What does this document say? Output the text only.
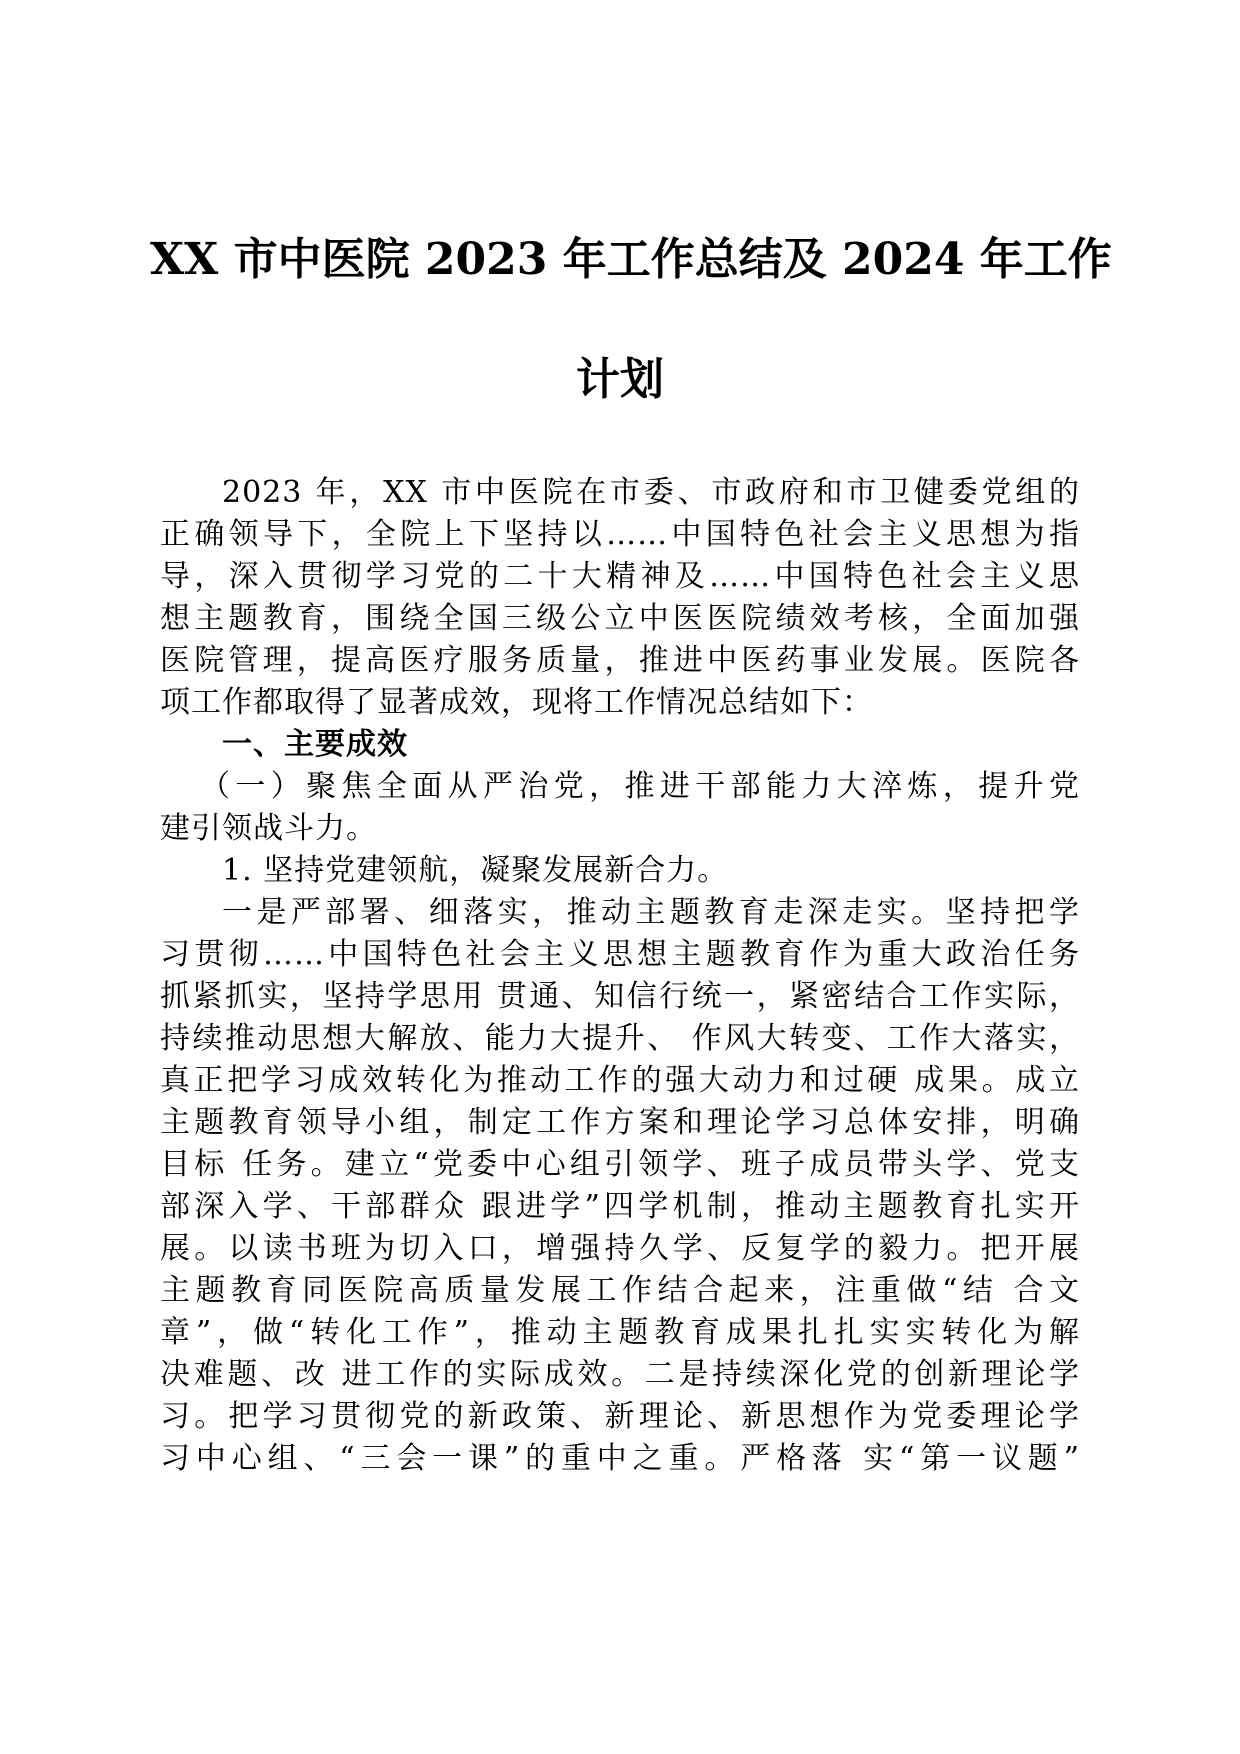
XX 市中医院 2023 年工作总结及 2024 年工作
计划
2023 年，XX 市中医院在市委、市政府和市卫健委党组的
正确领导下，全院上下坚持以……中国特色社会主义思想为指
导，深入贯彻学习党的二十大精神及……中国特色社会主义思
想主题教育，围绕全国三级公立中医医院绩效考核，全面加强
医院管理，提高医疗服务质量，推进中医药事业发展。医院各
项工作都取得了显著成效，现将工作情况总结如下：
一、主要成效
（一）聚焦全面从严治党，推进干部能力大淬炼，提升党
建引领战斗力。
1. 坚持党建领航，凝聚发展新合力。
一是严部署、细落实，推动主题教育走深走实。坚持把学
习贯彻……中国特色社会主义思想主题教育作为重大政治任务
抓紧抓实，坚持学思用 贯通、知信行统一，紧密结合工作实际，
持续推动思想大解放、能力大提升、 作风大转变、工作大落实，
真正把学习成效转化为推动工作的强大动力和过硬 成果。成立
主题教育领导小组，制定工作方案和理论学习总体安排，明确
目标 任务。建立“党委中心组引领学、班子成员带头学、党支
部深入学、干部群众 跟进学”四学机制，推动主题教育扎实开
展。以读书班为切入口，增强持久学、反复学的毅力。把开展
主题教育同医院高质量发展工作结合起来，注重做“结 合文
章”，做“转化工作”，推动主题教育成果扎扎实实转化为解
决难题、改 进工作的实际成效。二是持续深化党的创新理论学
习。把学习贯彻党的新政策、新理论、新思想作为党委理论学
习中心组、“三会一课”的重中之重。严格落 实“第一议题”
